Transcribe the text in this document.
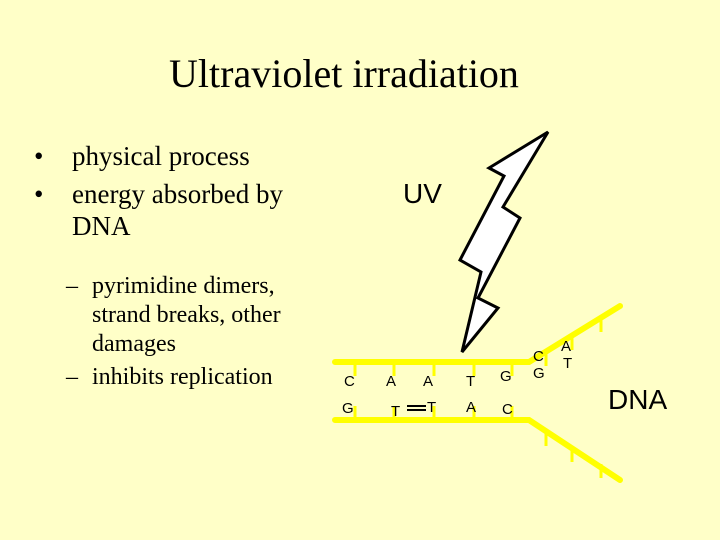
Ultraviolet irradiation
• physical process
• energy absorbed by DNA
– pyrimidine dimers, strand breaks, other damages
– inhibits replication	C A A T G
C
A
G T T A C
G
T
UV
DNA
